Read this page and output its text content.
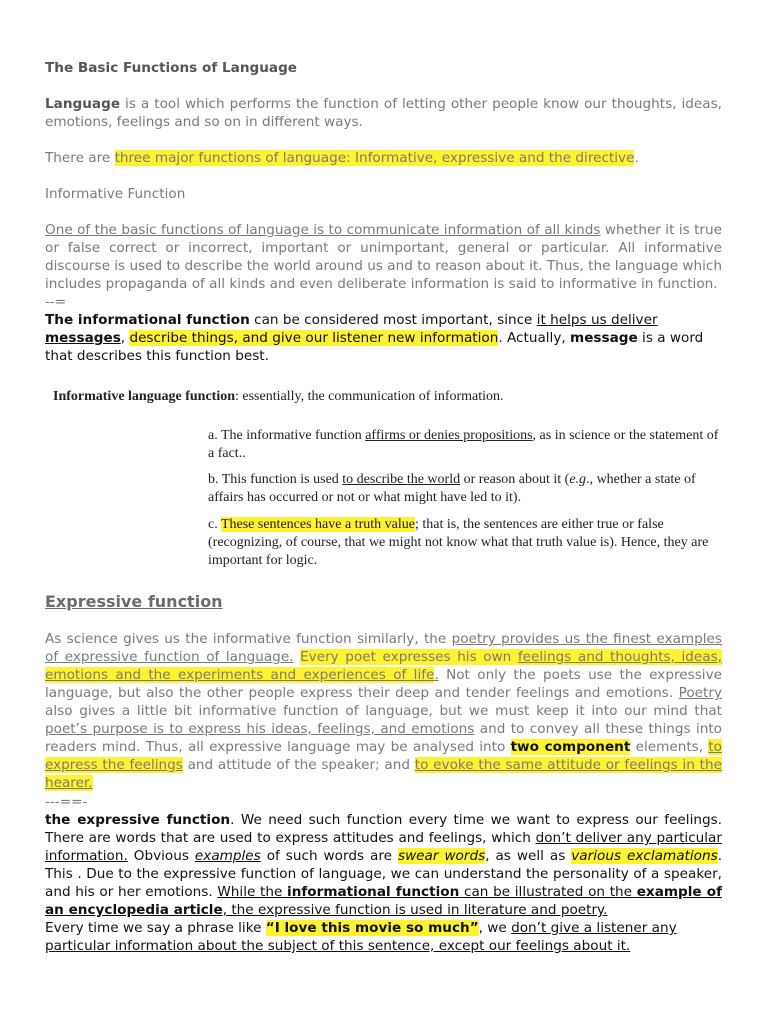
The Basic Functions of Language

Language is a tool which performs the function of letting other people know our thoughts, ideas, emotions, feelings and so on in different ways.

There are three major functions of language: Informative, expressive and the directive.

Informative Function

One of the basic functions of language is to communicate information of all kinds whether it is true or false correct or incorrect, important or unimportant, general or particular. All informative discourse is used to describe the world around us and to reason about it. Thus, the language which includes propaganda of all kinds and even deliberate information is said to informative in function.

--=

The informational function can be considered most important, since it helps us deliver messages, describe things, and give our listener new information. Actually, message is a word that describes this function best.

Informative language function: essentially, the communication of information.

a. The informative function affirms or denies propositions, as in science or the statement of a fact..

b. This function is used to describe the world or reason about it (e.g., whether a state of affairs has occurred or not or what might have led to it).

c. These sentences have a truth value; that is, the sentences are either true or false (recognizing, of course, that we might not know what that truth value is). Hence, they are important for logic.

Expressive function

As science gives us the informative function similarly, the poetry provides us the finest examples of expressive function of language. Every poet expresses his own feelings and thoughts, ideas, emotions and the experiments and experiences of life. Not only the poets use the expressive language, but also the other people express their deep and tender feelings and emotions. Poetry also gives a little bit informative function of language, but we must keep it into our mind that poet’s purpose is to express his ideas, feelings, and emotions and to convey all these things into readers mind. Thus, all expressive language may be analysed into two component elements, to express the feelings and attitude of the speaker; and to evoke the same attitude or feelings in the hearer.

---==-

the expressive function. We need such function every time we want to express our feelings. There are words that are used to express attitudes and feelings, which don’t deliver any particular information. Obvious examples of such words are swear words, as well as various exclamations. This . Due to the expressive function of language, we can understand the personality of a speaker, and his or her emotions. While the informational function can be illustrated on the example of an encyclopedia article, the expressive function is used in literature and poetry.

Every time we say a phrase like “I love this movie so much”, we don’t give a listener any particular information about the subject of this sentence, except our feelings about it.
